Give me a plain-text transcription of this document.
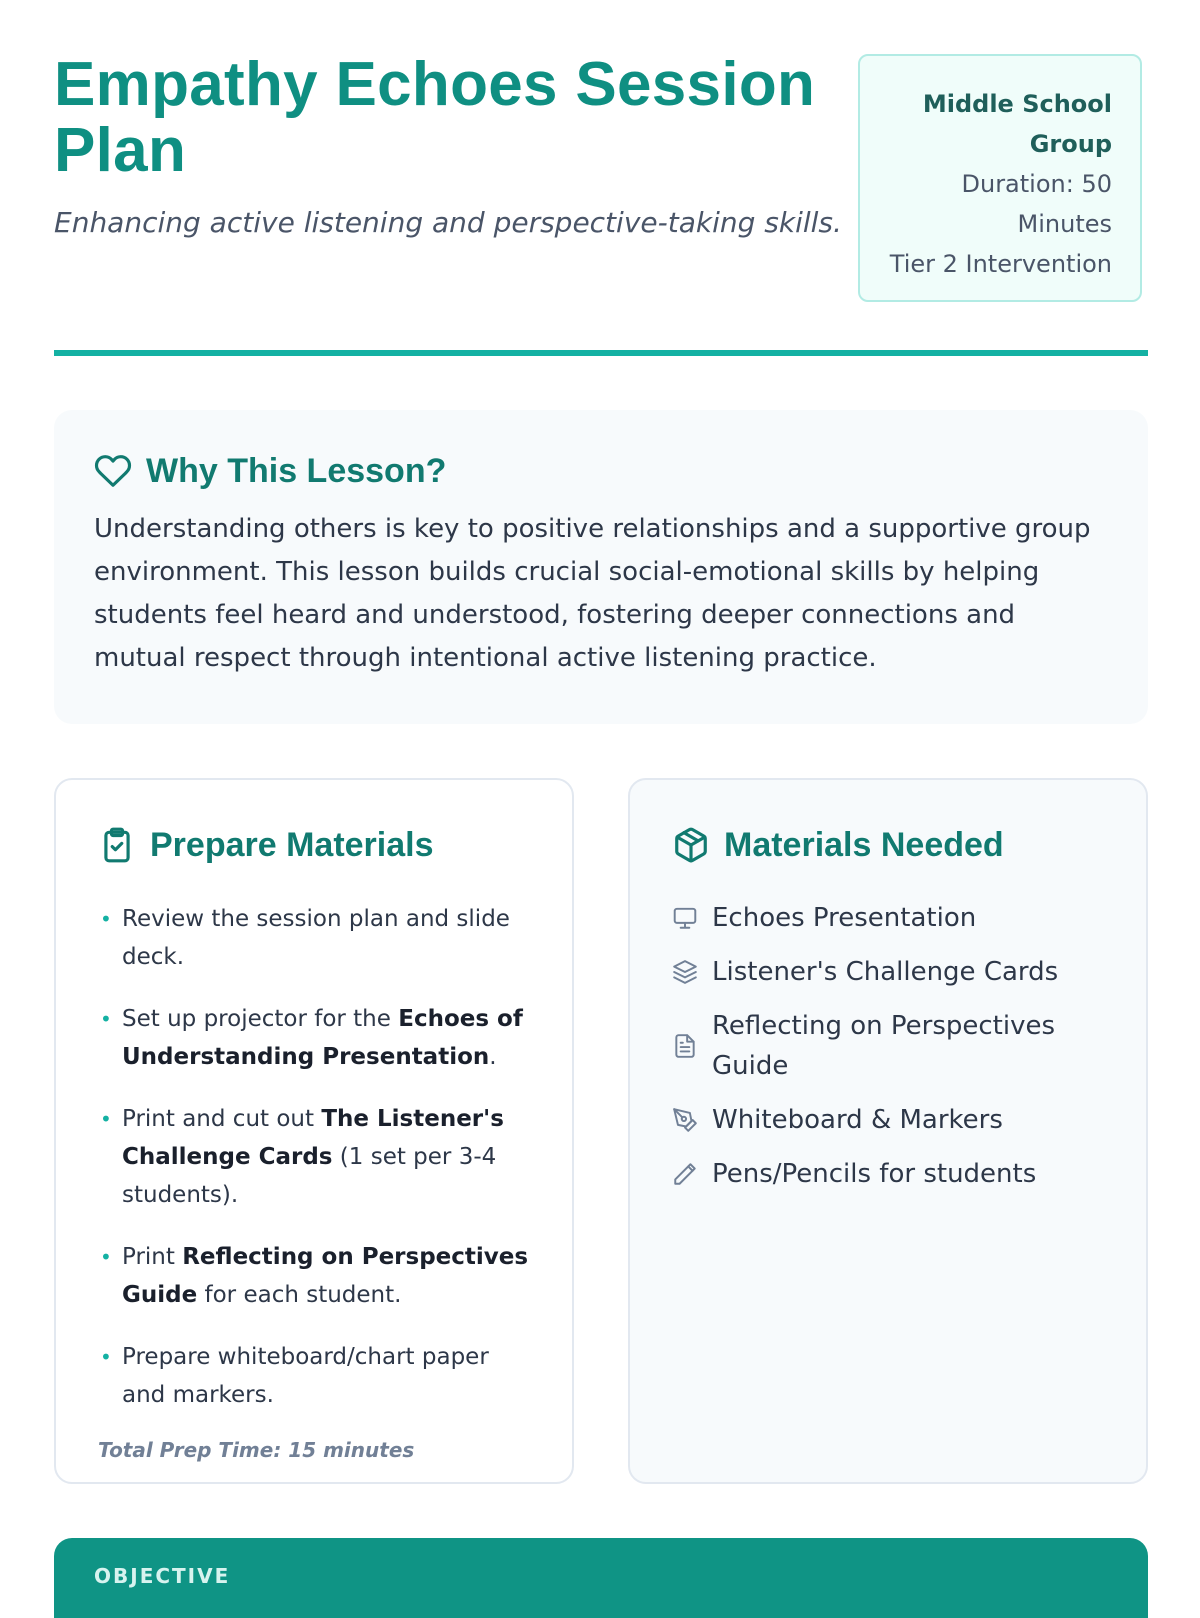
Empathy Echoes Session Plan

Enhancing active listening and perspective-taking skills.

Middle School Group
Duration: 50 Minutes
Tier 2 Intervention
Why This Lesson?

Understanding others is key to positive relationships and a supportive group environment. This lesson builds crucial social-emotional skills by helping students feel heard and understood, fostering deeper connections and mutual respect through intentional active listening practice.

Prepare Materials
• Review the session plan and slide deck.
• Set up projector for the Echoes of Understanding Presentation.
• Print and cut out The Listener's Challenge Cards (1 set per 3-4 students).
• Print Reflecting on Perspectives Guide for each student.
• Prepare whiteboard/chart paper and markers.
Total Prep Time: 15 minutes
Materials Needed
Echoes Presentation
Listener's Challenge Cards
Reflecting on Perspectives Guide
Whiteboard & Markers
Pens/Pencils for students
OBJECTIVE
